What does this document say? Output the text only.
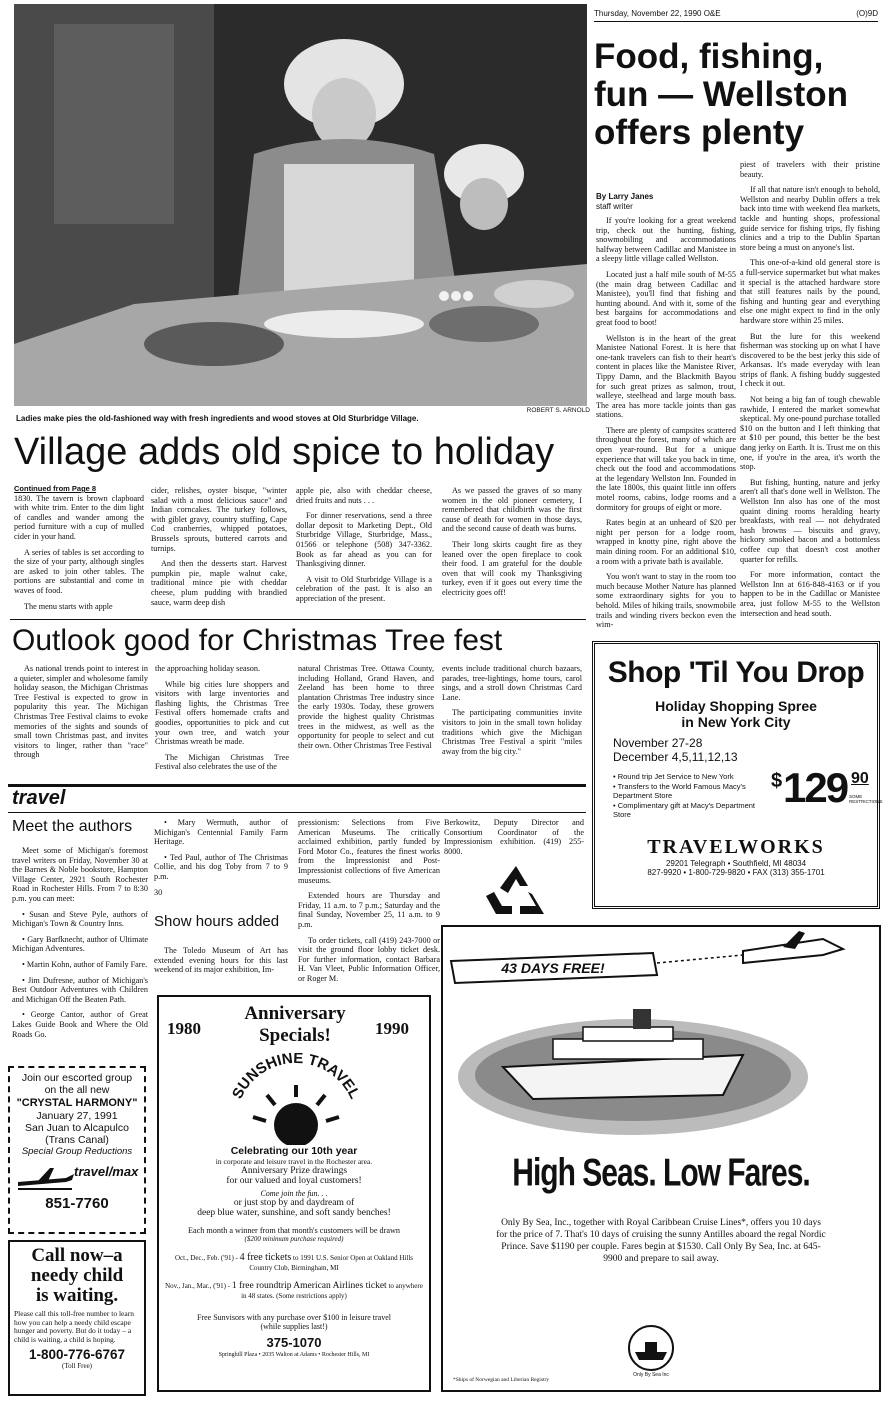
Thursday, November 22, 1990 O&E	(O)9D
ROBERT S. ARNOLD
Ladies make pies the old-fashioned way with fresh ingredients and wood stoves at Old Sturbridge Village.
Village adds old spice to holiday
Continued from Page 8

1830. The tavern is brown clapboard with white trim. Enter to the dim light of candles and wander among the period furniture with a cup of mulled cider in your hand.

A series of tables is set according to the size of your party, although singles are asked to join other tables. The portions are substantial and come in waves of food.

The menu starts with apple

cider, relishes, oyster bisque, "winter salad with a most delicious sauce" and Indian corncakes. The turkey follows, with giblet gravy, country stuffing, Cape Cod cranberries, whipped potatoes, Brussels sprouts, buttered carrots and turnips.

And then the desserts start. Harvest pumpkin pie, maple walnut cake, traditional mince pie with cheddar cheese, plum pudding with brandied sauce, warm deep dish

apple pie, also with cheddar cheese, dried fruits and nuts . . .

For dinner reservations, send a three dollar deposit to Marketing Dept., Old Sturbridge Village, Sturbridge, Mass., 01566 or telephone (508) 347-3362. Book as far ahead as you can for Thanksgiving dinner.

A visit to Old Sturbridge Village is a celebration of the past. It is also an appreciation of the present.

As we passed the graves of so many women in the old pioneer cemetery, I remembered that childbirth was the first cause of death for women in those days, and the second cause of death was burns.

Their long skirts caught fire as they leaned over the open fireplace to cook their food. I am grateful for the double oven that will cook my Thanksgiving turkey, even if it goes out every time the electricity goes off!

Food, fishing, fun — Wellston offers plenty
By Larry Janes
staff writer

If you're looking for a great weekend trip, check out the hunting, fishing, snowmobiling and accommodations halfway between Cadillac and Manistee in a sleepy little village called Wellston.

Located just a half mile south of M-55 (the main drag between Cadillac and Manistee), you'll find that fishing and hunting abound. And with it, some of the best bargains for accommodations and great food to boot!

Wellston is in the heart of the great Manistee National Forest. It is here that one-tank travelers can fish to their heart's content in places like the Manistee River, Tippy Damn, and the Blackmith Bayou for such great prizes as salmon, trout, walleye, steelhead and large mouth bass. The area has more tackle joints than gas stations.

There are plenty of campsites scattered throughout the forest, many of which are open year-round. But for a unique experience that will take you back in time, check out the food and accommodations at the legendary Wellston Inn. Founded in the late 1800s, this quaint little inn offers motel rooms, cabins, lodge rooms and a dormitory for groups of eight or more.

Rates begin at an unheard of $20 per night per person for a lodge room, wrapped in knotty pine, right above the main dining room. For an additional $10, a room with a private bath is available.

You won't want to stay in the room too much because Mother Nature has planned some extraordinary sights for you to behold. Miles of hiking trails, snowmobile trails and winding rivers beckon even the wim-

piest of travelers with their pristine beauty.

If all that nature isn't enough to behold, Wellston and nearby Dublin offers a trek back into time with weekend flea markets, tackle and hunting shops, professional guide service for fishing trips, fly fishing clinics and a trip to the Dublin Spartan store being a must on anyone's list.

This one-of-a-kind old general store is a full-service supermarket but what makes it special is the attached hardware store that still features nails by the pound, fishing and hunting gear and everything else one might expect to find in the only hardware store within 25 miles.

But the lure for this weekend fisherman was stocking up on what I have discovered to be the best jerky this side of Arkansas. It's made everyday with lean strips of flank. A fishing buddy suggested I check it out.

Not being a big fan of tough chewable rawhide, I entered the market somewhat skeptical. My one-pound purchase totalled $10 on the button and I left thinking that at $10 per pound, this better be the best dang jerky on Earth. It is. Trust me on this one, if you're in the area, it's worth the stop.

But fishing, hunting, nature and jerky aren't all that's done well in Wellston. The Wellston Inn also has one of the most quaint dining rooms heralding hearty breakfasts, with real — not dehydrated hash browns — biscuits and gravy, hickory smoked bacon and a bottomless coffee cup that doesn't cost another quarter for refills.

For more information, contact the Wellston Inn at 616-848-4163 or if you happen to be in the Cadillac or Manistee area, just follow M-55 to the Wellston intersection and head south.

Outlook good for Christmas Tree fest

As national trends point to interest in a quieter, simpler and wholesome family holiday season, the Michigan Christmas Tree Festival is expected to grow in popularity this year. The Michigan Christmas Tree Festival claims to evoke memories of the sights and sounds of small town Christmas past, and invites visitors to linger, rather than "race" through

the approaching holiday season.

While big cities lure shoppers and visitors with large inventories and flashing lights, the Christmas Tree Festival offers homemade crafts and goodies, opportunities to pick and cut your own tree, and watch your Christmas wreath be made.

The Michigan Christmas Tree Festival also celebrates the use of the

natural Christmas Tree. Ottawa County, including Holland, Grand Haven, and Zeeland has been home to three plantation Christmas Tree industry since the early 1930s. Today, these growers provide the highest quality Christmas trees in the midwest, as well as the opportunity for people to select and cut their own. Other Christmas Tree Festival

events include traditional church bazaars, parades, tree-lightings, home tours, carol sings, and a stroll down Christmas Card Lane.

The participating communities invite visitors to join in the small town holiday traditions which give the Michigan Christmas Tree Festival a spirit "miles away from the big city."

Shop 'Til You Drop
Holiday Shopping Spree
in New York City
November 27-28
December 4,5,11,12,13
• Round trip Jet Service to New York
• Transfers to the World Famous Macy's Department Store
• Complimentary gift at Macy's Department Store
$ 129 90
SOME RESTRICTIONS
TRAVELWORKS
29201 Telegraph • Southfield, MI 48034
827-9920 • 1-800-729-9820 • FAX (313) 355-1701
travel
Meet the authors

Meet some of Michigan's foremost travel writers on Friday, November 30 at the Barnes & Noble bookstore, Hampton Village Center, 2921 South Rochester Road in Rochester Hills. From 7 to 8:30 p.m. you can meet:

• Susan and Steve Pyle, authors of Michigan's Town & Country Inns.

• Gary Barfknecht, author of Ultimate Michigan Adventures.

• Martin Kohn, author of Family Fare.

• Jim Dufresne, author of Michigan's Best Outdoor Adventures with Children and Michigan Off the Beaten Path.

• George Cantor, author of Great Lakes Guide Book and Where the Old Roads Go.

• Mary Wermuth, author of Michigan's Centennial Family Farm Heritage.

• Ted Paul, author of The Christmas Collie, and his dog Toby from 7 to 9 p.m.

30
Show hours added

The Toledo Museum of Art has extended evening hours for this last weekend of its major exhibition, Im-

pressionism: Selections from Five American Museums. The critically acclaimed exhibition, partly funded by Ford Motor Co., features the finest works from the Impressionist and Post-Impressionist collections of five American museums.

Extended hours are Thursday and Friday, 11 a.m. to 7 p.m.; Saturday and the final Sunday, November 25, 11 a.m. to 9 p.m.

To order tickets, call (419) 243-7000 or visit the ground floor lobby ticket desk. For further information, contact Barbara H. Van Vleet, Public Information Officer, or Roger M.

Berkowitz, Deputy Director and Consortium Coordinator of the Impressionism exhibition. (419) 255-8000.

Join our escorted group
on the all new
"CRYSTAL HARMONY"
January 27, 1991
San Juan to Alcapulco
(Trans Canal)
Special Group Reductions
travel/max
851-7760
Call now–a
needy child
is waiting.
Please call this toll-free number to learn how you can help a needy child escape hunger and poverty. But do it today – a child is waiting, a child is hoping.
1-800-776-6767
(Toll Free)
1980
Anniversary
Specials!	1990
SUNSHINE TRAVEL
Celebrating our 10th year
in corporate and leisure travel in the Rochester area.
Anniversary Prize drawings
for our valued and loyal customers!
Come join the fun. . .
or just stop by and daydream of
deep blue water, sunshine, and soft sandy benches!
Each month a winner from that month's customers will be drawn
($200 minimum purchase required)
Oct., Dec., Feb. ('91) - 4 free tickets to 1991 U.S. Senior Open at Oakland Hills Country Club, Birmingham, MI
Nov., Jan., Mar., ('91) - 1 free roundtrip American Airlines ticket to anywhere in 48 states. (Some restrictions apply)
Free Sunvisors with any purchase over $100 in leisure travel
(while supplies last!)
375-1070
Springhill Plaza • 2035 Walton at Adams • Rochester Hills, MI
43 DAYS FREE!
High Seas. Low Fares.
Only By Sea, Inc., together with Royal Caribbean Cruise Lines*, offers you 10 days for the price of 7. That's 10 days of cruising the sunny Antilles aboard the regal Nordic Prince. Save $1190 per couple. Fares begin at $1530. Call Only By Sea, Inc. at 645-9900 and prepare to sail away.
Only By Sea Inc
*Ships of Norwegian and Liberian Registry
